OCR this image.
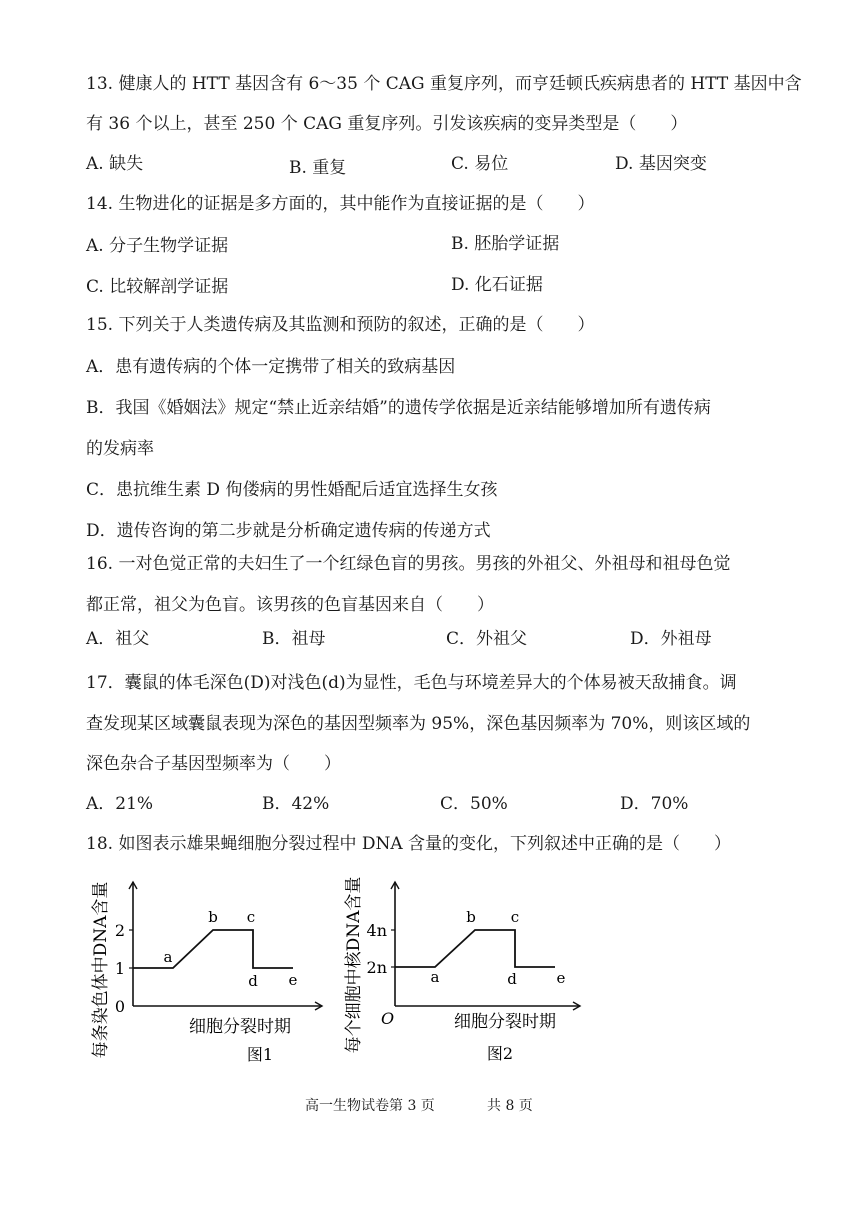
13. 健康人的 HTT 基因含有 6～35 个 CAG 重复序列，而亨廷顿氏疾病患者的 HTT 基因中含
有 36 个以上，甚至 250 个 CAG 重复序列。引发该疾病的变异类型是（　　）
A. 缺失	B. 重复	C. 易位	D. 基因突变
14. 生物进化的证据是多方面的，其中能作为直接证据的是（　　）
A. 分子生物学证据	B. 胚胎学证据
C. 比较解剖学证据	D. 化石证据
15. 下列关于人类遗传病及其监测和预防的叙述，正确的是（　　）
A．患有遗传病的个体一定携带了相关的致病基因
B．我国《婚姻法》规定“禁止近亲结婚”的遗传学依据是近亲结能够增加所有遗传病
的发病率
C．患抗维生素 D 佝偻病的男性婚配后适宜选择生女孩
D．遗传咨询的第二步就是分析确定遗传病的传递方式
16. 一对色觉正常的夫妇生了一个红绿色盲的男孩。男孩的外祖父、外祖母和祖母色觉
都正常，祖父为色盲。该男孩的色盲基因来自（　　）
A．祖父	B．祖母	C．外祖父	D．外祖母
17．囊鼠的体毛深色(D)对浅色(d)为显性，毛色与环境差异大的个体易被天敌捕食。调
查发现某区域囊鼠表现为深色的基因型频率为 95%，深色基因频率为 70%，则该区域的
深色杂合子基因型频率为（　　）
A．21%	B．42%	C．50%	D．70%
18. 如图表示雄果蝇细胞分裂过程中 DNA 含量的变化，下列叙述中正确的是（　　）
0
1
2
a
b c
d e
细胞分裂时期
图1
每条染色体中DNA含量	2n
4n
a
b c
d	e
细胞分裂时期
图2
每个细胞中核DNA含量 O
高一生物试卷第 3 页	共 8 页
